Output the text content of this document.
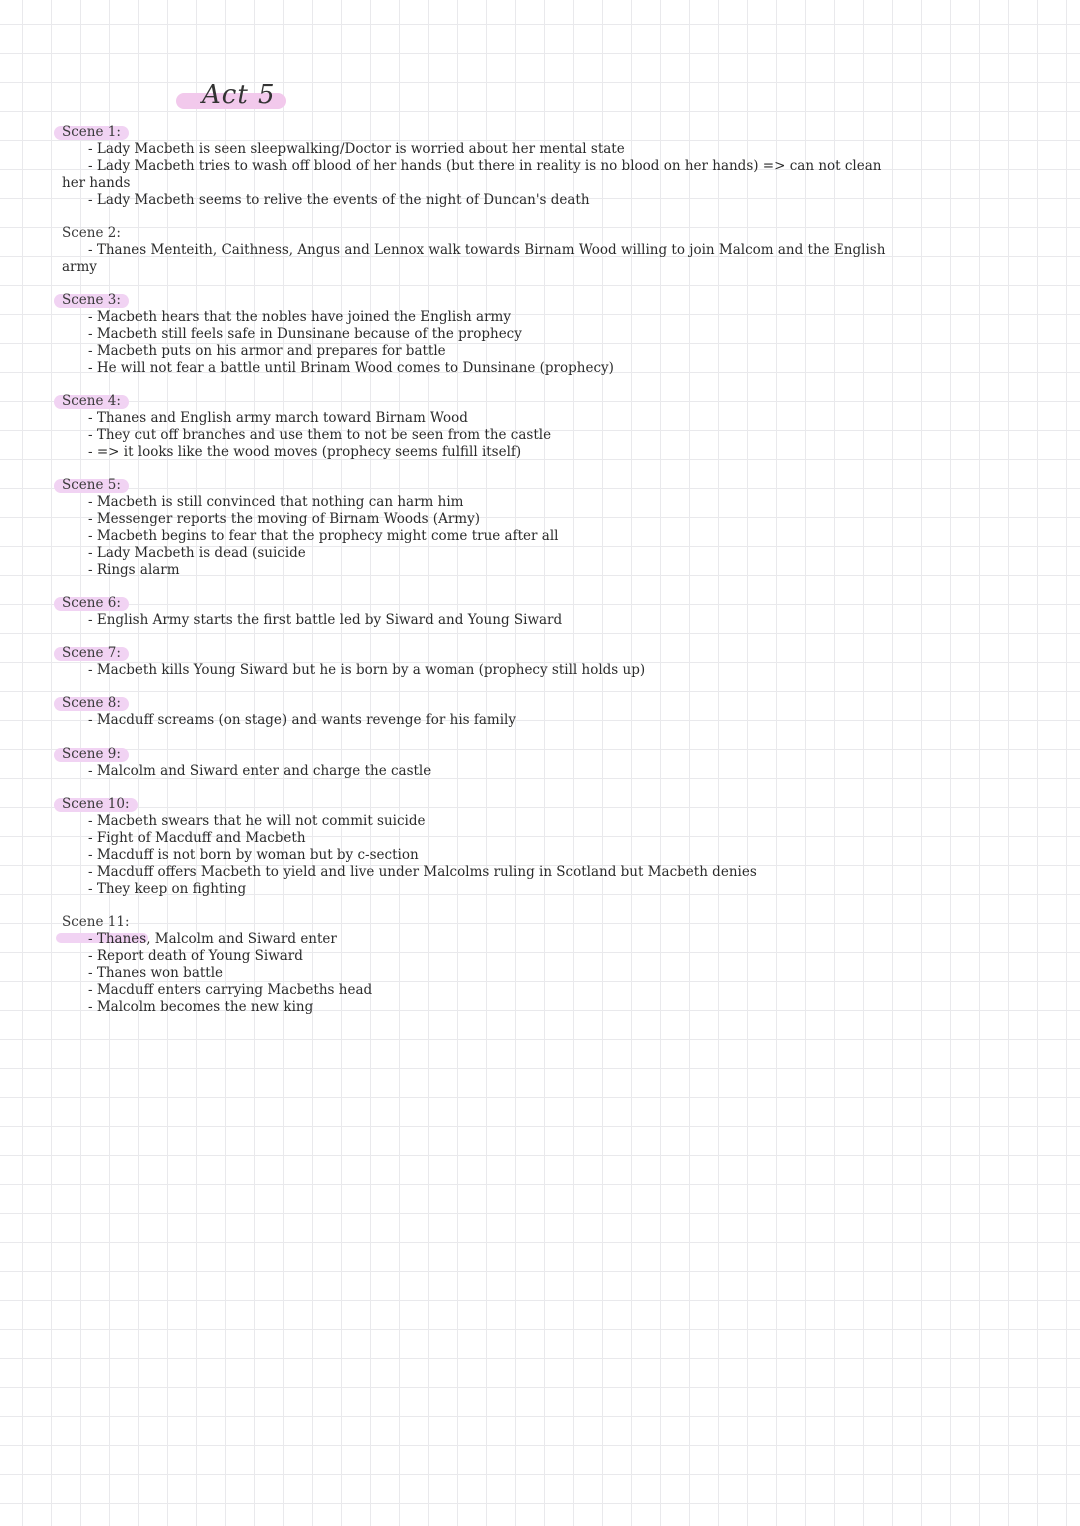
Act 5
Scene 1:
- Lady Macbeth is seen sleepwalking/Doctor is worried about her mental state
- Lady Macbeth tries to wash off blood of her hands (but there in reality is no blood on her hands) => can not clean
her hands
- Lady Macbeth seems to relive the events of the night of Duncan's death
Scene 2:
- Thanes Menteith, Caithness, Angus and Lennox walk towards Birnam Wood willing to join Malcom and the English
army
Scene 3:
- Macbeth hears that the nobles have joined the English army
- Macbeth still feels safe in Dunsinane because of the prophecy
- Macbeth puts on his armor and prepares for battle
- He will not fear a battle until Brinam Wood comes to Dunsinane (prophecy)
Scene 4:
- Thanes and English army march toward Birnam Wood
- They cut off branches and use them to not be seen from the castle
- => it looks like the wood moves (prophecy seems fulfill itself)
Scene 5:
- Macbeth is still convinced that nothing can harm him
- Messenger reports the moving of Birnam Woods (Army)
- Macbeth begins to fear that the prophecy might come true after all
- Lady Macbeth is dead (suicide
- Rings alarm
Scene 6:
- English Army starts the first battle led by Siward and Young Siward
Scene 7:
- Macbeth kills Young Siward but he is born by a woman (prophecy still holds up)
Scene 8:
- Macduff screams (on stage) and wants revenge for his family
Scene 9:
- Malcolm and Siward enter and charge the castle
Scene 10:
- Macbeth swears that he will not commit suicide
- Fight of Macduff and Macbeth
- Macduff is not born by woman but by c-section
- Macduff offers Macbeth to yield and live under Malcolms ruling in Scotland but Macbeth denies
- They keep on fighting
Scene 11:
- Thanes, Malcolm and Siward enter
- Report death of Young Siward
- Thanes won battle
- Macduff enters carrying Macbeths head
- Malcolm becomes the new king
